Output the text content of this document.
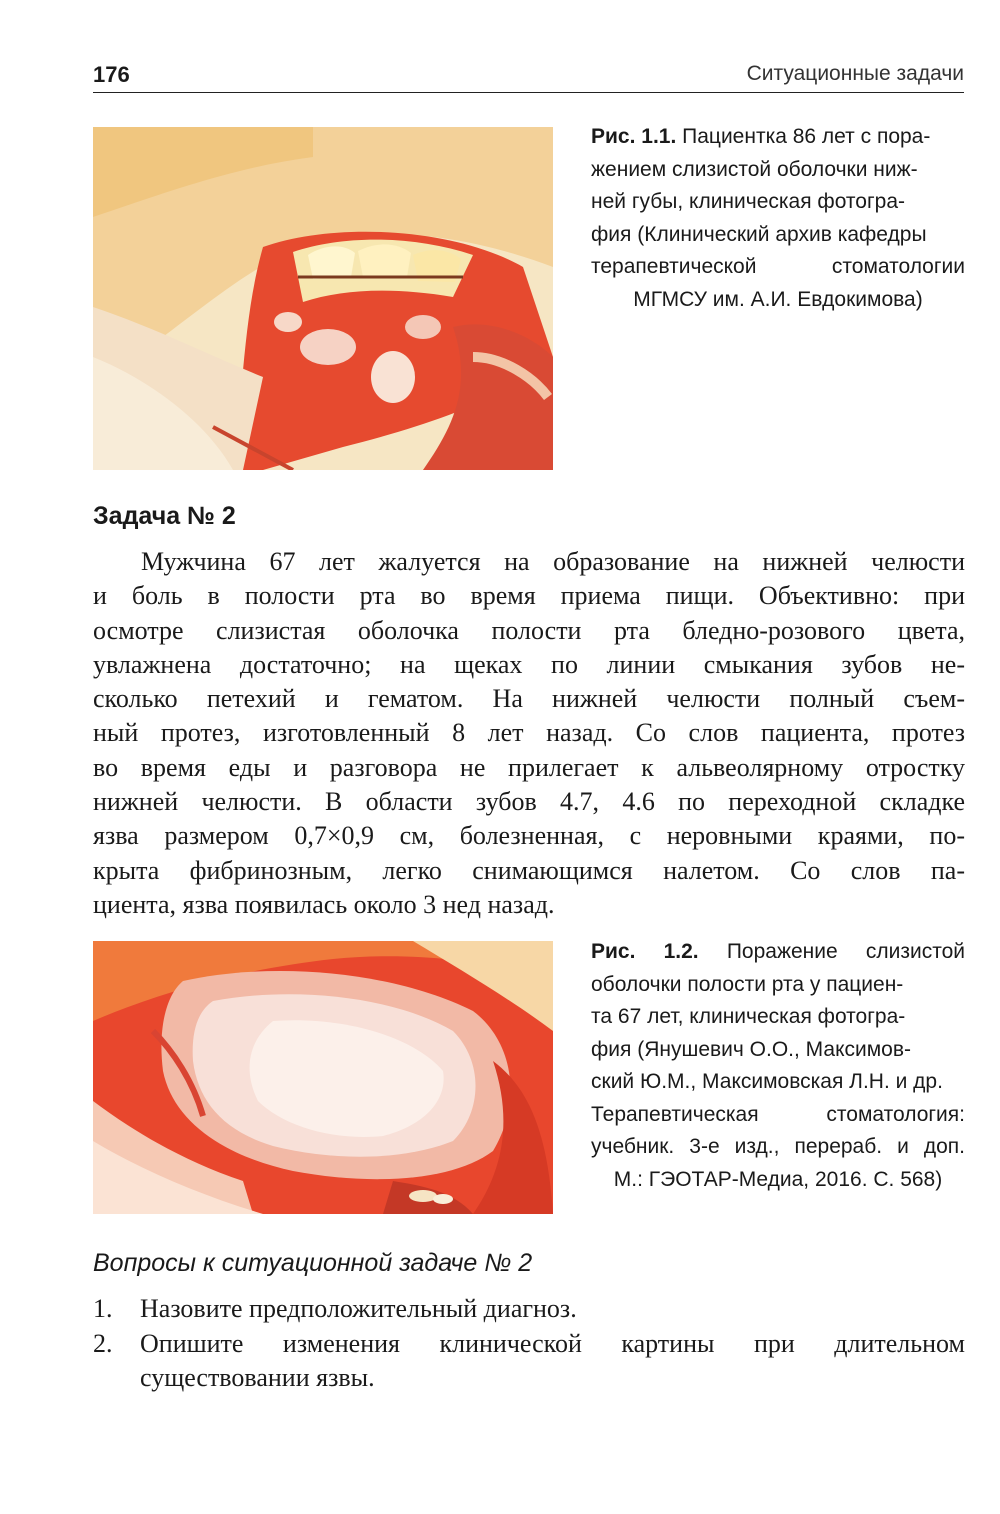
176	Ситуационные задачи
Рис. 1.1. Пациентка 86 лет с пора-
жением слизистой оболочки ниж-
ней губы, клиническая фотогра-
фия (Клинический архив кафедры
терапевтической стоматологии
МГМСУ им. А.И. Евдокимова)
Задача № 2
Мужчина 67 лет жалуется на образование на нижней челюсти
и боль в полости рта во время приема пищи. Объективно: при
осмотре слизистая оболочка полости рта бледно-розового цвета,
увлажнена достаточно; на щеках по линии смыкания зубов не-
сколько петехий и гематом. На нижней челюсти полный съем-
ный протез, изготовленный 8 лет назад. Со слов пациента, протез
во время еды и разговора не прилегает к альвеолярному отростку
нижней челюсти. В области зубов 4.7, 4.6 по переходной складке
язва размером 0,7×0,9 см, болезненная, с неровными краями, по-
крыта фибринозным, легко снимающимся налетом. Со слов па-
циента, язва появилась около 3 нед назад.
Рис. 1.2. Поражение слизистой
оболочки полости рта у пациен-
та 67 лет, клиническая фотогра-
фия (Янушевич О.О., Максимов-
ский Ю.М., Максимовская Л.Н. и др.
Терапевтическая стоматология:
учебник. 3-е изд., перераб. и доп.
М.: ГЭОТАР-Медиа, 2016. С. 568)
Вопросы к ситуационной задаче № 2
1. Назовите предположительный диагноз.
2. Опишите изменения клинической картины при длительном
существовании язвы.
